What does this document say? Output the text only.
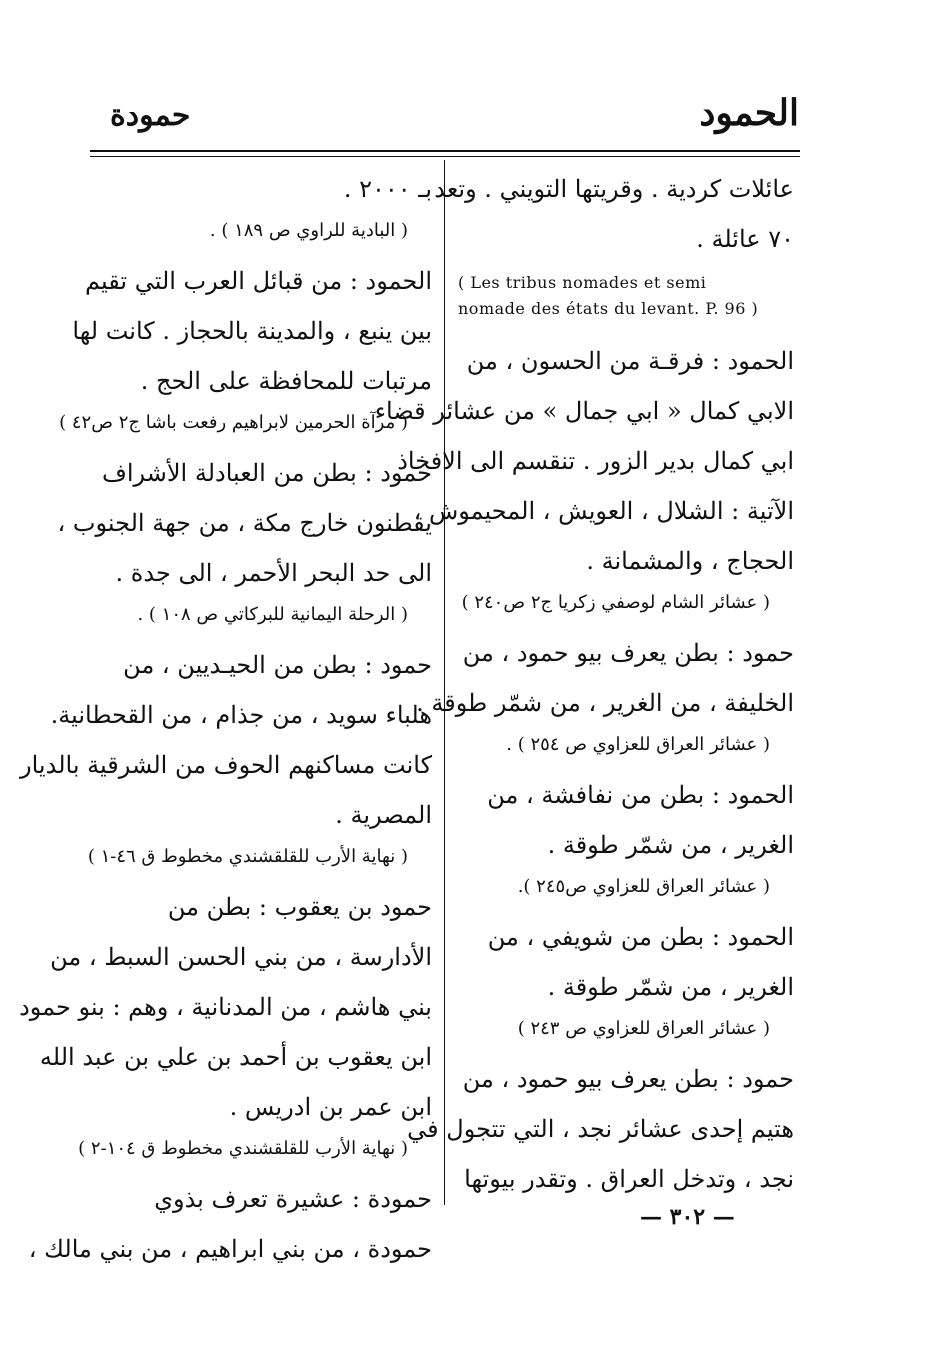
الحمود
حمودة
عائلات كردية . وقريتها التويني . وتعد
٧٠ عائلة .
( Les tribus nomades et semi
nomade des états du levant. P. 96 )
الحمود : فرقـة من الحسون ، من
الابي كمال « ابي جمال » من عشائر قضاء
ابي كمال بدير الزور . تنقسم الى الافخاذ
الآتية : الشلال ، العويش ، المحيموش ،
الحجاج ، والمشمانة .
( عشائر الشام لوصفي زكريا ج٢ ص٢٤٠ )
حمود : بطن يعرف بيو حمود ، من
الخليفة ، من الغرير ، من شمّر طوقة .
( عشائر العراق للعزاوي ص ٢٥٤ ) .
الحمود : بطن من نفافشة ، من
الغرير ، من شمّر طوقة .
( عشائر العراق للعزاوي ص٢٤٥ ).
الحمود : بطن من شويفي ، من
الغرير ، من شمّر طوقة .
( عشائر العراق للعزاوي ص ٢٤٣ )
حمود : بطن يعرف بيو حمود ، من
هتيم إحدى عشائر نجد ، التي تتجول في
نجد ، وتدخل العراق . وتقدر بيوتها
بـ ٢٠٠٠ .
( البادية للراوي ص ١٨٩ ) .
الحمود : من قبائل العرب التي تقيم
بين ينبع ، والمدينة بالحجاز . كانت لها
مرتبات للمحافظة على الحج .
( مرآة الحرمين لابراهيم رفعت باشا ج٢ ص٤٢ )
حمود : بطن من العبادلة الأشراف
يقطنون خارج مكة ، من جهة الجنوب ،
الى حد البحر الأحمر ، الى جدة .
( الرحلة اليمانية للبركاتي ص ١٠٨ ) .
حمود : بطن من الحيـديين ، من
هلباء سويد ، من جذام ، من القحطانية.
كانت مساكنهم الحوف من الشرقية بالديار
المصرية .
( نهاية الأرب للقلقشندي مخطوط ق ٤٦-١ )
حمود بن يعقوب : بطن من
الأدارسة ، من بني الحسن السبط ، من
بني هاشم ، من المدنانية ، وهم : بنو حمود
ابن يعقوب بن أحمد بن علي بن عبد الله
ابن عمر بن ادريس .
( نهاية الأرب للقلقشندي مخطوط ق ١٠٤-٢ )
حمودة : عشيرة تعرف بذوي
حمودة ، من بني ابراهيم ، من بني مالك ،
— ٣٠٢ —
